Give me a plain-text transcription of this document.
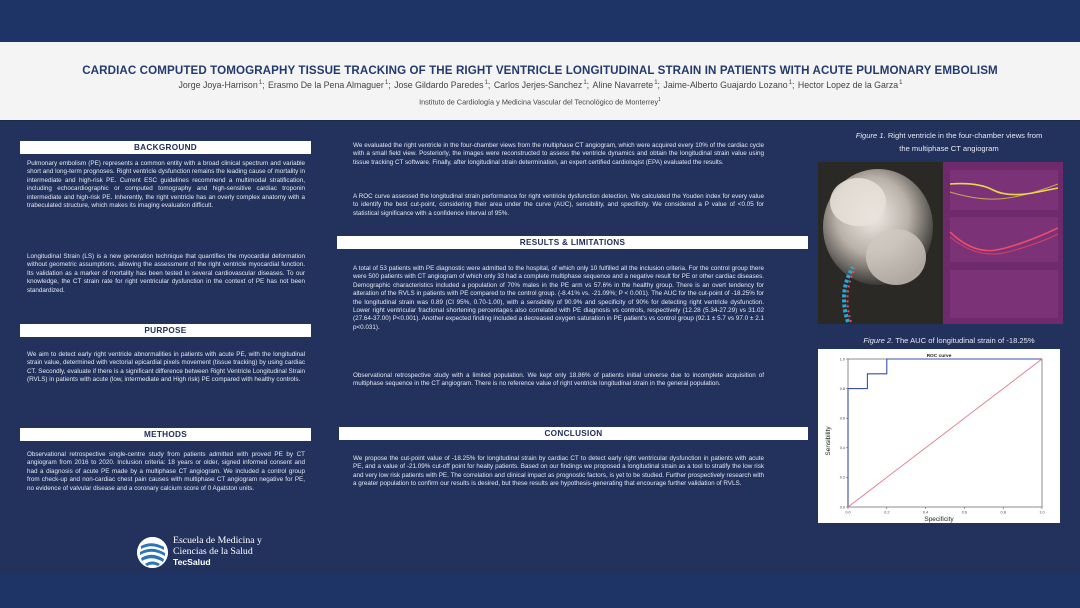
CARDIAC COMPUTED TOMOGRAPHY TISSUE TRACKING OF THE RIGHT VENTRICLE LONGITUDINAL STRAIN IN PATIENTS WITH ACUTE PULMONARY EMBOLISM
Jorge Joya-Harrison$^1$; Erasmo De la Pena Almaguer$^1$; Jose Gildardo Paredes$^1$; Carlos Jerjes-Sanchez$^1$; Aline Navarrete$^1$; Jaime-Alberto Guajardo Lozano$^1$; Hector Lopez de la Garza$^1$
Instituto de Cardiología y Medicina Vascular del Tecnológico de Monterrey$^1$
BACKGROUND

Pulmonary embolism (PE) represents a common entity with a broad clinical spectrum and variable short and long-term prognoses. Right ventricle dysfunction remains the leading cause of mortality in intermediate and high-risk PE. Current ESC guidelines recommend a multimodal stratification, including echocardiographic or computed tomography and high-sensitive cardiac troponin intermediate and high-risk PE. Inherently, the right ventricle has an overly complex anatomy with a trabeculated structure, which makes its imaging evaluation difficult.

Longitudinal Strain (LS) is a new generation technique that quantifies the myocardial deformation without geometric assumptions, allowing the assessment of the right ventricle myocardial function. Its validation as a marker of mortality has been tested in several cardiovascular diseases. To our knowledge, the CT strain rate for right ventricular dysfunction in the context of PE has not been standardized.

PURPOSE

We aim to detect early right ventricle abnormalities in patients with acute PE, with the longitudinal strain value, determined with vectorial epicardial pixels movement (tissue tracking) by using cardiac CT. Secondly, evaluate if there is a significant difference between Right Ventricle Longitudinal Strain (RVLS) in patients with acute (low, intermediate and High risk) PE compared with healthy controls.

METHODS

Observational retrospective single-centre study from patients admitted with proved PE by CT angiogram from 2016 to 2020. Inclusion criteria: 18 years or older, signed informed consent and had a diagnosis of acute PE made by a multiphase CT angiogram. We included a control group from check-up and non-cardiac chest pain causes with multiphase CT angiogram negative for PE, no evidence of valvular disease and a coronary calcium score of 0 Agatston units.

We evaluated the right ventricle in the four-chamber views from the multiphase CT angiogram, which were acquired every 10% of the cardiac cycle with a small field view. Posteriorly, the images were reconstructed to assess the ventricle dynamics and obtain the longitudinal strain value using tissue tracking CT software. Finally, after longitudinal strain determination, an expert certified cardiologist (EPA) evaluated the results.

A ROC curve assessed the longitudinal strain performance for right ventricle dysfunction detection. We calculated the Youden index for every value to identify the best cut-point, considering their area under the curve (AUC), sensibility, and specificity. We considered a P value of <0.05 for statistical significance with a confidence interval of 95%.

RESULTS & LIMITATIONS

A total of 53 patients with PE diagnostic were admitted to the hospital, of which only 10 fulfilled all the inclusion criteria. For the control group there were 500 patients with CT angiogram of which only 33 had a complete multiphase sequence and a negative result for PE or other cardiac diseases. Demographic characteristics included a population of 70% males in the PE arm vs 57.6% in the healthy group. There is an overt tendency for alteration of the RVLS in patients with PE compared to the control group. (-8.41% vs. -21.09%; P < 0.001). The AUC for the cut-point of -18.25% for the longitudinal strain was 0.89 (CI 95%, 0.70-1.00), with a sensibility of 90.9% and specificity of 90% for detecting right ventricle dysfunction. Lower right ventricular fractional shortening percentages also correlated with PE diagnosis vs controls, respectively (12.28 (5.34-27.29) vs 31.02 (27.64-37.00) P<0.001). Another expected finding included a decreased oxygen saturation in PE patient's vs control group (92.1 ± 5.7 vs 97.0 ± 2.1 p<0.031).

Observational retrospective study with a limited population. We kept only 18.86% of patients initial universe due to incomplete acquisition of multiphase sequence in the CT angiogram. There is no reference value of right ventricle longitudinal strain in the general population.

CONCLUSION

We propose the cut-point value of -18.25% for longitudinal strain by cardiac CT to detect early right ventricular dysfunction in patients with acute PE, and a value of -21.09% cut-off point for healty patients. Based on our findings we proposed a longitudinal strain as a tool to stratify the low risk and very low risk patients with PE. The correlation and clinical impact as prognostic factors, is yet to be studied. Further prospectively research with a greater population to confirm our results is desired, but these results are hypothesis-generating that encourage further validation of RVLS.

Figure 1. Right ventricle in the four-chamber views from
the multiphase CT angiogram
Figure 2. The AUC of longitudinal strain of -18.25%
ROC curve
0.0	0.2	0.4	0.6	0.8	1.0
0.0
0.2
0.4
0.6
0.8
1.0
Specificity
Sensibility
Escuela de Medicina y
Ciencias de la Salud
TecSalud
